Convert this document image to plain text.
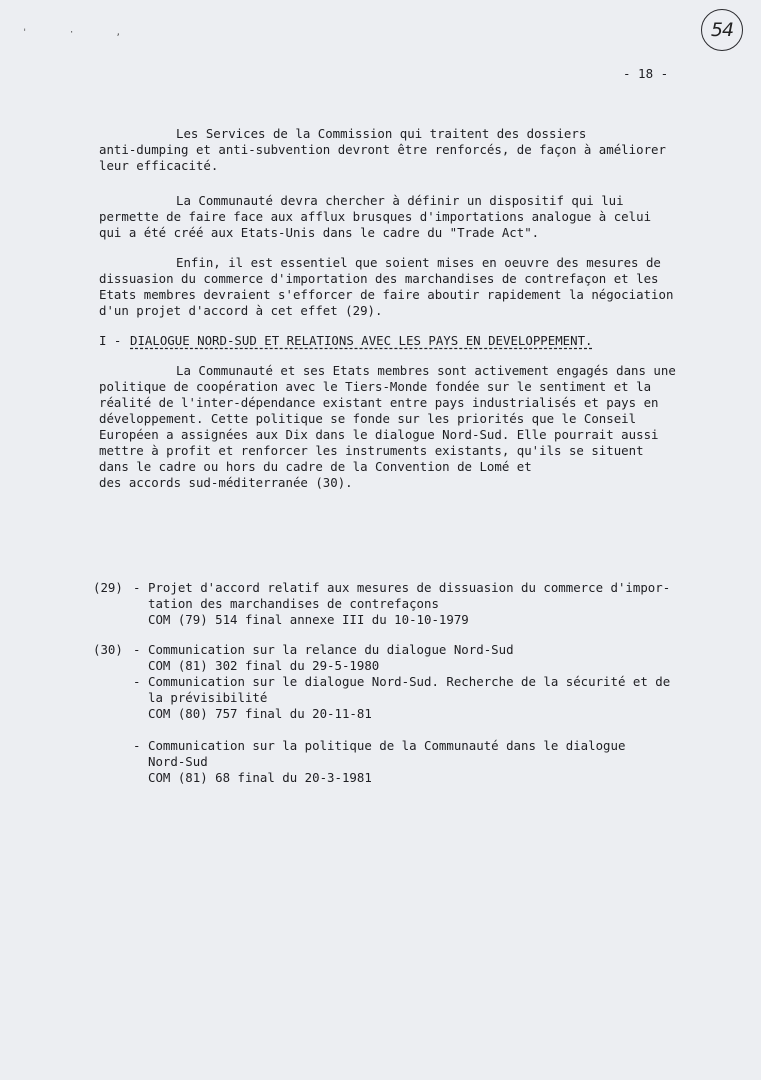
54
' · ,
- 18 -
Les Services de la Commission qui traitent des dossiers
anti-dumping et anti-subvention devront être renforcés, de façon à améliorer
leur efficacité.
La Communauté devra chercher à définir un dispositif qui lui
permette de faire face aux afflux brusques d'importations analogue à celui
qui a été créé aux Etats-Unis dans le cadre du "Trade Act".
Enfin, il est essentiel que soient mises en oeuvre des mesures de
dissuasion du commerce d'importation des marchandises de contrefaçon et les
Etats membres devraient s'efforcer de faire aboutir rapidement la négociation
d'un projet d'accord à cet effet (29).
I - DIALOGUE NORD-SUD ET RELATIONS AVEC LES PAYS EN DEVELOPPEMENT.
La Communauté et ses Etats membres sont activement engagés dans une
politique de coopération avec le Tiers-Monde fondée sur le sentiment et la
réalité de l'inter-dépendance existant entre pays industrialisés et pays en
développement. Cette politique se fonde sur les priorités que le Conseil
Européen a assignées aux Dix dans le dialogue Nord-Sud. Elle pourrait aussi
mettre à profit et renforcer les instruments existants, qu'ils se situent
dans le cadre ou hors du cadre de la Convention de Lomé et
des accords sud-méditerranée (30).
(29) - Projet d'accord relatif aux mesures de dissuasion du commerce d'impor-
tation des marchandises de contrefaçons
COM (79) 514 final annexe III du 10-10-1979
(30) - Communication sur la relance du dialogue Nord-Sud
COM (81) 302 final du 29-5-1980
- Communication sur le dialogue Nord-Sud. Recherche de la sécurité et de
la prévisibilité
COM (80) 757 final du 20-11-81
- Communication sur la politique de la Communauté dans le dialogue
Nord-Sud
COM (81) 68 final du 20-3-1981
